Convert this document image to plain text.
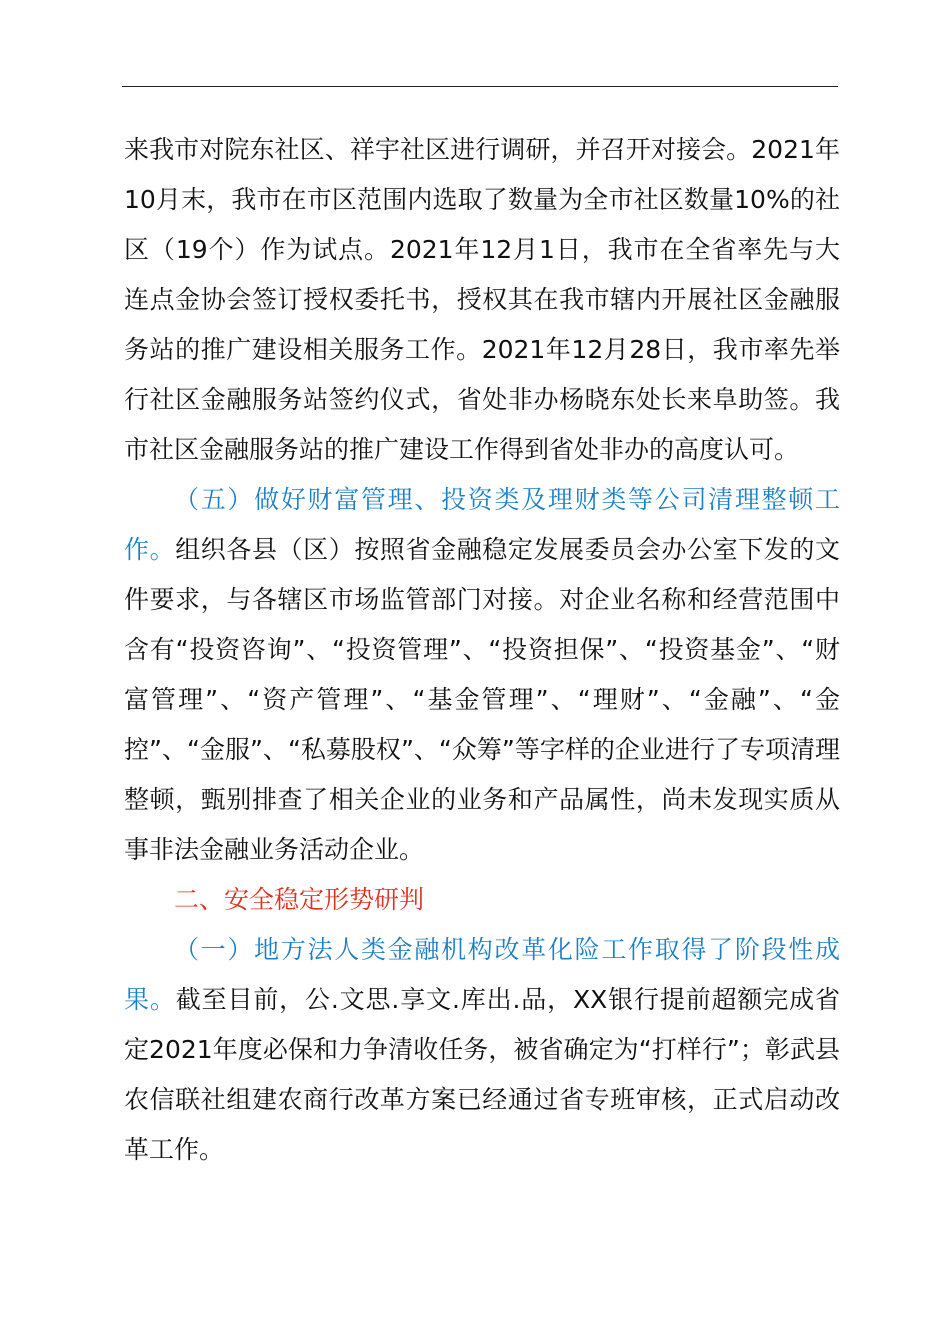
来我市对院东社区、祥宇社区进行调研，并召开对接会。2021年10月末，我市在市区范围内选取了数量为全市社区数量10%的社区（19个）作为试点。2021年12月1日，我市在全省率先与大连点金协会签订授权委托书，授权其在我市辖内开展社区金融服务站的推广建设相关服务工作。2021年12月28日，我市率先举行社区金融服务站签约仪式，省处非办杨晓东处长来阜助签。我市社区金融服务站的推广建设工作得到省处非办的高度认可。

（五）做好财富管理、投资类及理财类等公司清理整顿工作。组织各县（区）按照省金融稳定发展委员会办公室下发的文件要求，与各辖区市场监管部门对接。对企业名称和经营范围中含有“投资咨询”、“投资管理”、“投资担保”、“投资基金”、“财富管理”、“资产管理”、“基金管理”、“理财”、“金融”、“金控”、“金服”、“私募股权”、“众筹”等字样的企业进行了专项清理整顿，甄别排查了相关企业的业务和产品属性，尚未发现实质从事非法金融业务活动企业。

二、安全稳定形势研判

（一）地方法人类金融机构改革化险工作取得了阶段性成果。截至目前，公.文思.享文.库出.品，XX银行提前超额完成省定2021年度必保和力争清收任务，被省确定为“打样行”；彰武县农信联社组建农商行改革方案已经通过省专班审核，正式启动改革工作。
